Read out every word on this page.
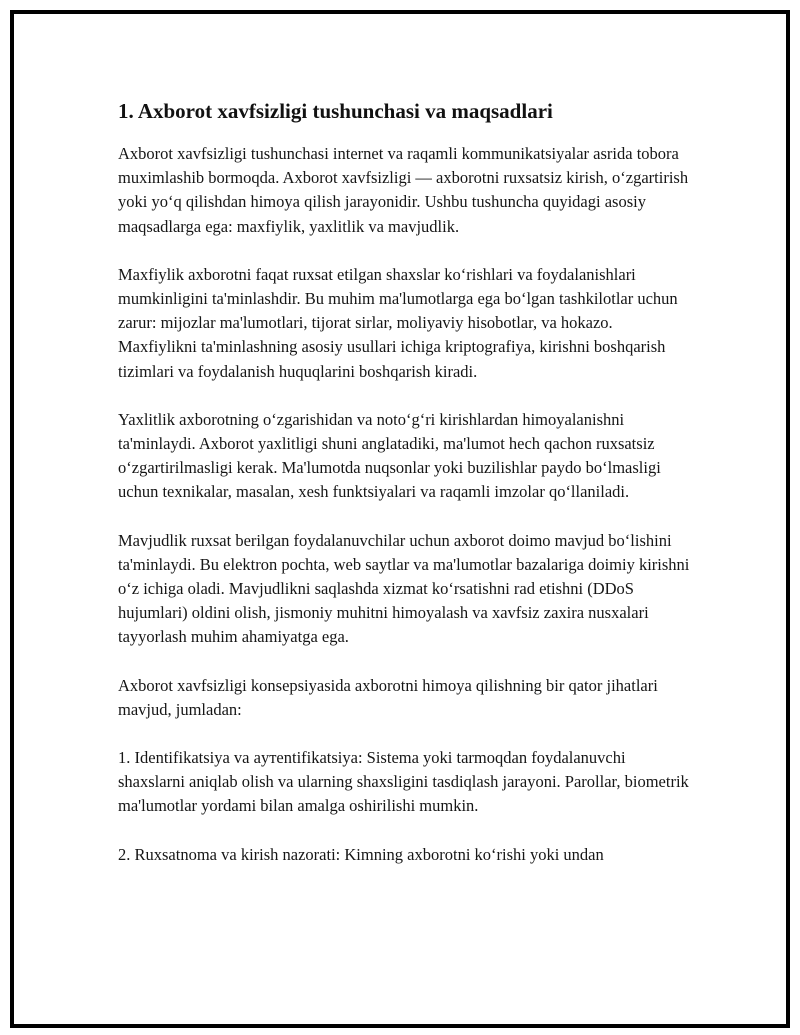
1. Axborot xavfsizligi tushunchasi va maqsadlari

Axborot xavfsizligi tushunchasi internet va raqamli kommunikatsiyalar asrida tobora muximlashib bormoqda. Axborot xavfsizligi — axborotni ruxsatsiz kirish, oʻzgartirish yoki yoʻq qilishdan himoya qilish jarayonidir. Ushbu tushuncha quyidagi asosiy maqsadlarga ega: maxfiylik, yaxlitlik va mavjudlik.

Maxfiylik axborotni faqat ruxsat etilgan shaxslar koʻrishlari va foydalanishlari mumkinligini ta'minlashdir. Bu muhim ma'lumotlarga ega boʻlgan tashkilotlar uchun zarur: mijozlar ma'lumotlari, tijorat sirlar, moliyaviy hisobotlar, va hokazo. Maxfiylikni ta'minlashning asosiy usullari ichiga kriptografiya, kirishni boshqarish tizimlari va foydalanish huquqlarini boshqarish kiradi.

Yaxlitlik axborotning oʻzgarishidan va notoʻgʻri kirishlardan himoyalanishni ta'minlaydi. Axborot yaxlitligi shuni anglatadiki, ma'lumot hech qachon ruxsatsiz oʻzgartirilmasligi kerak. Ma'lumotda nuqsonlar yoki buzilishlar paydo boʻlmasligi uchun texnikalar, masalan, xesh funktsiyalari va raqamli imzolar qoʻllaniladi.

Mavjudlik ruxsat berilgan foydalanuvchilar uchun axborot doimo mavjud boʻlishini ta'minlaydi. Bu elektron pochta, web saytlar va ma'lumotlar bazalariga doimiy kirishni oʻz ichiga oladi. Mavjudlikni saqlashda xizmat koʻrsatishni rad etishni (DDoS hujumlari) oldini olish, jismoniy muhitni himoyalash va xavfsiz zaxira nusxalari tayyorlash muhim ahamiyatga ega.

Axborot xavfsizligi konsepsiyasida axborotni himoya qilishning bir qator jihatlari mavjud, jumladan:

1. Identifikatsiya va ayтentifikatsiya: Sistema yoki tarmoqdan foydalanuvchi shaxslarni aniqlab olish va ularning shaxsligini tasdiqlash jarayoni. Parollar, biometrik ma'lumotlar yordami bilan amalga oshirilishi mumkin.

2. Ruxsatnoma va kirish nazorati: Kimning axborotni koʻrishi yoki undan
